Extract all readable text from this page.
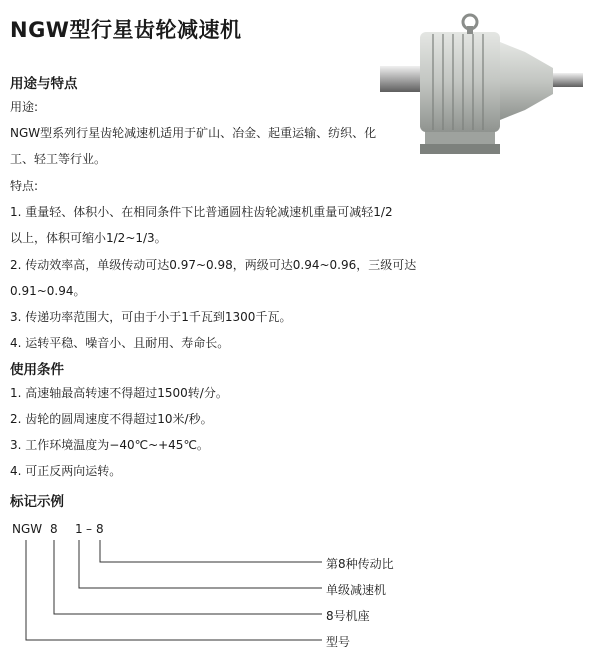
NGW型行星齿轮减速机
用途与特点
用途:
NGW型系列行星齿轮减速机适用于矿山、冶金、起重运输、纺织、化
工、轻工等行业。
特点:
1. 重量轻、体积小、在相同条件下比普通圆柱齿轮减速机重量可减轻1/2
以上，体积可缩小1/2~1/3。
2. 传动效率高，单级传动可达0.97~0.98，两级可达0.94~0.96，三级可达
0.91~0.94。
3. 传递功率范围大，可由于小于1千瓦到1300千瓦。
4. 运转平稳、噪音小、且耐用、寿命长。
使用条件
1. 高速轴最高转速不得超过1500转/分。
2. 齿轮的圆周速度不得超过10米/秒。
3. 工作环境温度为−40℃~+45℃。
4. 可正反两向运转。
标记示例
NGW 8 1 – 8
第8种传动比
单级减速机
8号机座
型号
